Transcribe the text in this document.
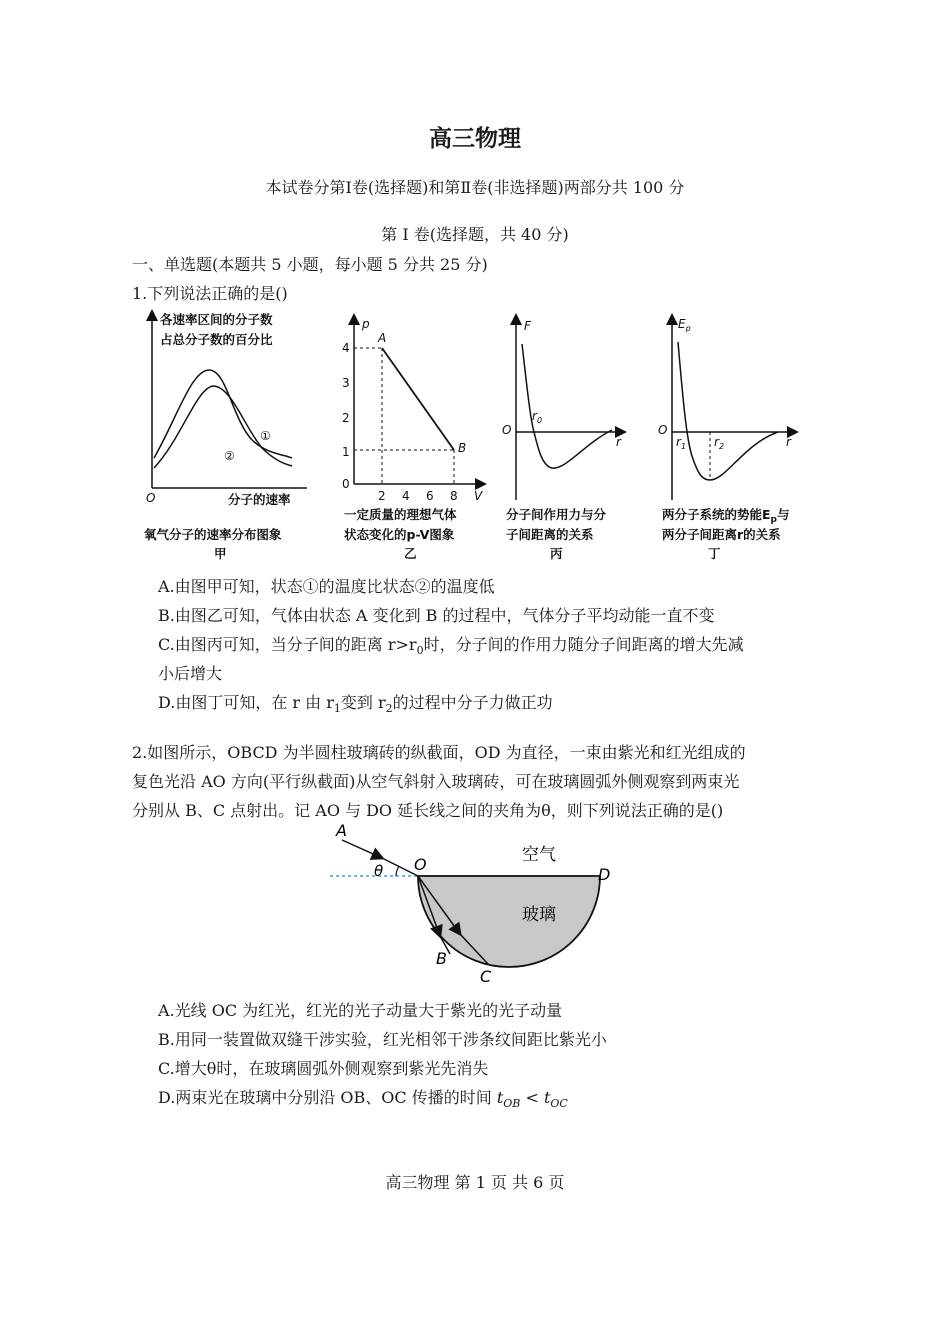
高三物理
本试卷分第Ⅰ卷(选择题)和第Ⅱ卷(非选择题)两部分共 100 分
第 I 卷(选择题，共 40 分)
一、单选题(本题共 5 小题，每小题 5 分共 25 分)
1.下列说法正确的是()
各速率区间的分子数
占总分子数的百分比
O	分子的速率
①
②
氧气分子的速率分布图象
甲
p
V
0
1
2
3
4
2 4 6 8
A
B
一定质量的理想气体
状态变化的p-V图象
乙
F
r
O
$r_0$
分子间作用力与分
子间距离的关系
丙
$E_p$
r
O
$r_1$ $r_2$
两分子系统的势能$E_p$与
两分子间距离r的关系
丁
A.由图甲可知，状态①的温度比状态②的温度低
B.由图乙可知，气体由状态 A 变化到 B 的过程中，气体分子平均动能一直不变
C.由图丙可知，当分子间的距离 $r>r_0$时，分子间的作用力随分子间距离的增大先减
小后增大
D.由图丁可知，在 r 由 $r_1$变到 $r_2$的过程中分子力做正功
2.如图所示，OBCD 为半圆柱玻璃砖的纵截面，OD 为直径，一束由紫光和红光组成的
复色光沿 AO 方向(平行纵截面)从空气斜射入玻璃砖，可在玻璃圆弧外侧观察到两束光
分别从 B、C 点射出。记 AO 与 DO 延长线之间的夹角为θ，则下列说法正确的是()
A
θ O
D
B
C
空气
玻璃
A.光线 OC 为红光，红光的光子动量大于紫光的光子动量
B.用同一装置做双缝干涉实验，红光相邻干涉条纹间距比紫光小
C.增大θ时，在玻璃圆弧外侧观察到紫光先消失
D.两束光在玻璃中分别沿 OB、OC 传播的时间 $t_{OB} < t_{OC}$
高三物理 第 1 页 共 6 页
